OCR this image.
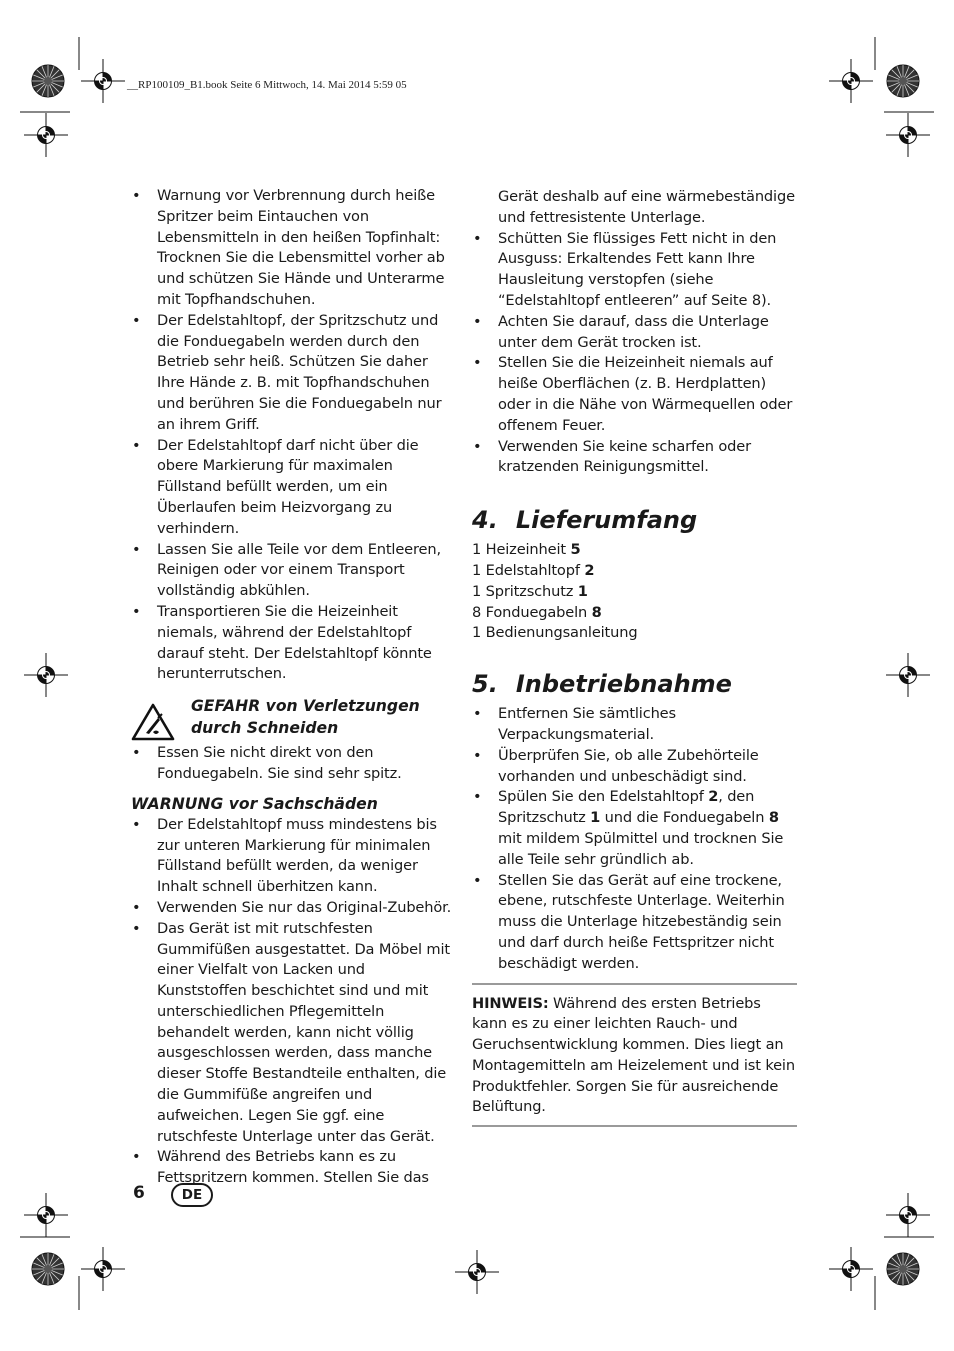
__RP100109_B1.book Seite 6 Mittwoch, 14. Mai 2014 5:59 05
• Warnung vor Verbrennung durch heiße Spritzer beim Eintauchen von Lebensmitteln in den heißen Topfinhalt: Trocknen Sie die Lebensmittel vorher ab und schützen Sie Hände und Unterarme mit Topfhandschuhen.
• Der Edelstahltopf, der Spritzschutz und die Fonduegabeln werden durch den Betrieb sehr heiß. Schützen Sie daher Ihre Hände z. B. mit Topfhandschuhen und berühren Sie die Fonduegabeln nur an ihrem Griff.
• Der Edelstahltopf darf nicht über die obere Markierung für maximalen Füllstand befüllt werden, um ein Überlaufen beim Heizvorgang zu verhindern.
• Lassen Sie alle Teile vor dem Entleeren, Reinigen oder vor einem Transport vollständig abkühlen.
• Transportieren Sie die Heizeinheit niemals, während der Edelstahltopf darauf steht. Der Edelstahltopf könnte herunterrutschen.
GEFAHR von Verletzungen
durch Schneiden
• Essen Sie nicht direkt von den Fonduegabeln. Sie sind sehr spitz.
WARNUNG vor Sachschäden
• Der Edelstahltopf muss mindestens bis zur unteren Markierung für minimalen Füllstand befüllt werden, da weniger Inhalt schnell überhitzen kann.
• Verwenden Sie nur das Original-Zubehör.
• Das Gerät ist mit rutschfesten Gummifüßen ausgestattet. Da Möbel mit einer Vielfalt von Lacken und Kunststoffen beschichtet sind und mit unterschiedlichen Pflegemitteln behandelt werden, kann nicht völlig ausgeschlossen werden, dass manche dieser Stoffe Bestandteile enthalten, die die Gummifüße angreifen und aufweichen. Legen Sie ggf. eine rutschfeste Unterlage unter das Gerät.
• Während des Betriebs kann es zu Fettspritzern kommen. Stellen Sie das
Gerät deshalb auf eine wärmebeständige und fettresistente Unterlage.
• Schütten Sie flüssiges Fett nicht in den Ausguss: Erkaltendes Fett kann Ihre Hausleitung verstopfen (siehe “Edelstahltopf entleeren” auf Seite 8).
• Achten Sie darauf, dass die Unterlage unter dem Gerät trocken ist.
• Stellen Sie die Heizeinheit niemals auf heiße Oberflächen (z. B. Herdplatten) oder in die Nähe von Wärmequellen oder offenem Feuer.
• Verwenden Sie keine scharfen oder kratzenden Reinigungsmittel.
4. Lieferumfang
1 Heizeinheit 5
1 Edelstahltopf 2
1 Spritzschutz 1
8 Fonduegabeln 8
1 Bedienungsanleitung
5. Inbetriebnahme
• Entfernen Sie sämtliches Verpackungsmaterial.
• Überprüfen Sie, ob alle Zubehörteile vorhanden und unbeschädigt sind.
• Spülen Sie den Edelstahltopf 2, den Spritzschutz 1 und die Fonduegabeln 8 mit mildem Spülmittel und trocknen Sie alle Teile sehr gründlich ab.
• Stellen Sie das Gerät auf eine trockene, ebene, rutschfeste Unterlage. Weiterhin muss die Unterlage hitzebeständig sein und darf durch heiße Fettspritzer nicht beschädigt werden.
HINWEIS: Während des ersten Betriebs kann es zu einer leichten Rauch- und Geruchsentwicklung kommen. Dies liegt an Montagemitteln am Heizelement und ist kein Produktfehler. Sorgen Sie für ausreichende Belüftung.
6	DE
